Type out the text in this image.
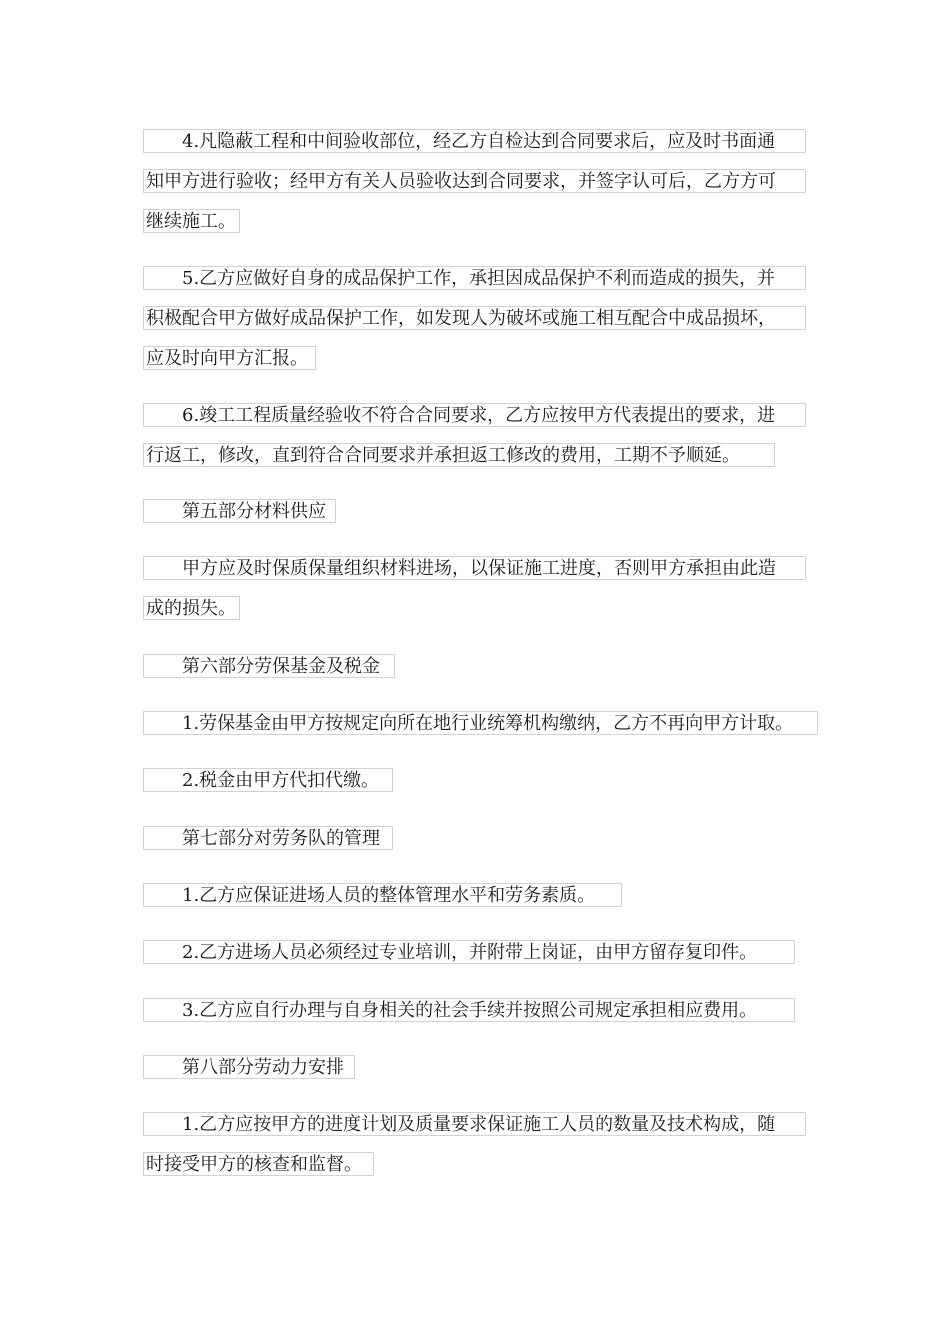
4.凡隐蔽工程和中间验收部位，经乙方自检达到合同要求后，应及时书面通
知甲方进行验收；经甲方有关人员验收达到合同要求，并签字认可后，乙方方可
继续施工。
5.乙方应做好自身的成品保护工作，承担因成品保护不利而造成的损失，并
积极配合甲方做好成品保护工作，如发现人为破坏或施工相互配合中成品损坏，
应及时向甲方汇报。
6.竣工工程质量经验收不符合合同要求，乙方应按甲方代表提出的要求，进
行返工，修改，直到符合合同要求并承担返工修改的费用，工期不予顺延。
第五部分材料供应
甲方应及时保质保量组织材料进场，以保证施工进度，否则甲方承担由此造
成的损失。
第六部分劳保基金及税金
1.劳保基金由甲方按规定向所在地行业统筹机构缴纳，乙方不再向甲方计取。
2.税金由甲方代扣代缴。
第七部分对劳务队的管理
1.乙方应保证进场人员的整体管理水平和劳务素质。
2.乙方进场人员必须经过专业培训，并附带上岗证，由甲方留存复印件。
3.乙方应自行办理与自身相关的社会手续并按照公司规定承担相应费用。
第八部分劳动力安排
1.乙方应按甲方的进度计划及质量要求保证施工人员的数量及技术构成，随
时接受甲方的核查和监督。
